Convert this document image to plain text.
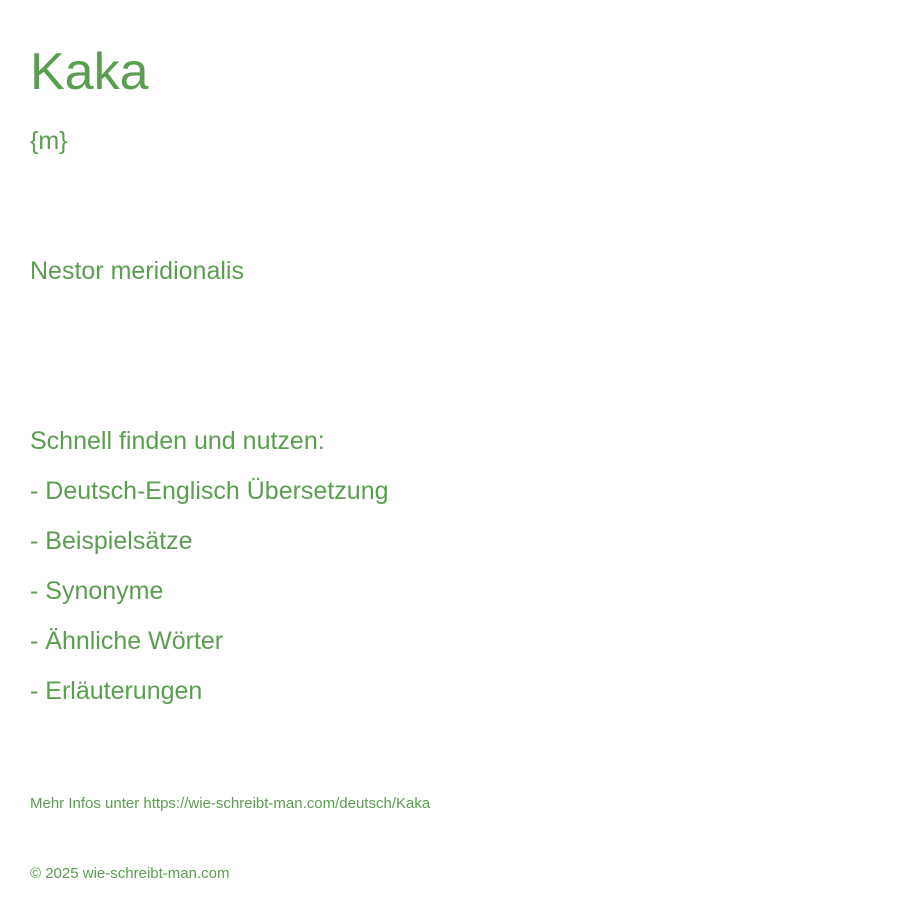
Kaka
{m}
Nestor meridionalis
Schnell finden und nutzen:
- Deutsch-Englisch Übersetzung
- Beispielsätze
- Synonyme
- Ähnliche Wörter
- Erläuterungen
Mehr Infos unter https://wie-schreibt-man.com/deutsch/Kaka
© 2025 wie-schreibt-man.com
